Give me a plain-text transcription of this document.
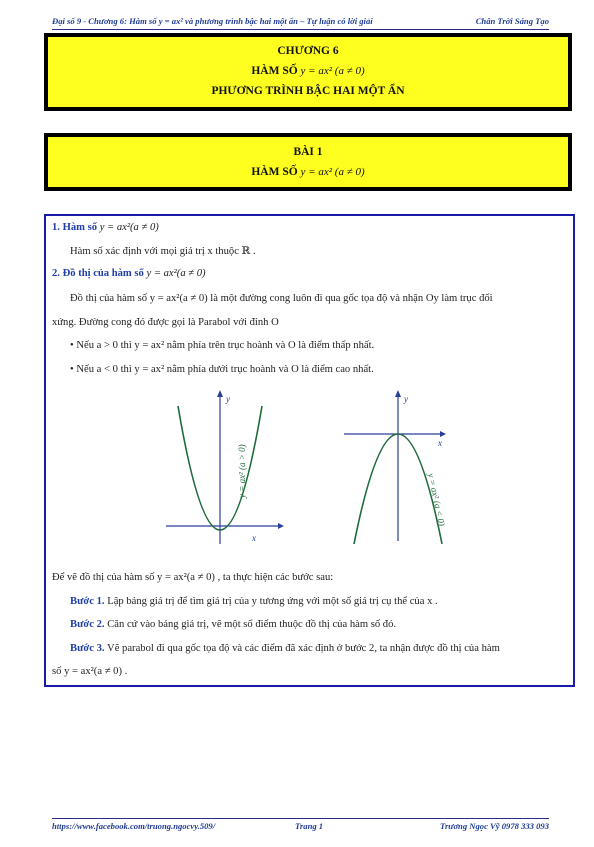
Đại số 9 - Chương 6: Hàm số y = ax² và phương trình bậc hai một ẩn – Tự luận có lời giải	Chân Trời Sáng Tạo
CHƯƠNG 6
HÀM SỐ y = ax² (a ≠ 0)
PHƯƠNG TRÌNH BẬC HAI MỘT ẨN
BÀI 1
HÀM SỐ y = ax² (a ≠ 0)
1. Hàm số y = ax²(a ≠ 0)
Hàm số xác định với mọi giá trị x thuộc ℝ .
2. Đồ thị của hàm số y = ax²(a ≠ 0)
Đồ thị của hàm số y = ax²(a ≠ 0) là một đường cong luôn đi qua gốc tọa độ và nhận Oy làm trục đối
xứng. Đường cong đó được gọi là Parabol với đỉnh O
• Nếu a > 0 thì y = ax² nằm phía trên trục hoành và O là điểm thấp nhất.
• Nếu a < 0 thì y = ax² nằm phía dưới trục hoành và O là điểm cao nhất.
y
x
y = ax² (a > 0)
y
x
y = ax² (a < 0)
Để vẽ đồ thị của hàm số y = ax²(a ≠ 0) , ta thực hiện các bước sau:
Bước 1. Lập bảng giá trị để tìm giá trị của y tương ứng với một số giá trị cụ thể của x .
Bước 2. Căn cứ vào bảng giá trị, vẽ một số điểm thuộc đồ thị của hàm số đó.
Bước 3. Vẽ parabol đi qua gốc tọa độ và các điểm đã xác định ở bước 2, ta nhận được đồ thị của hàm
số y = ax²(a ≠ 0) .
https://www.facebook.com/truong.ngocvy.509/	Trang 1	Trương Ngọc Vỹ 0978 333 093
